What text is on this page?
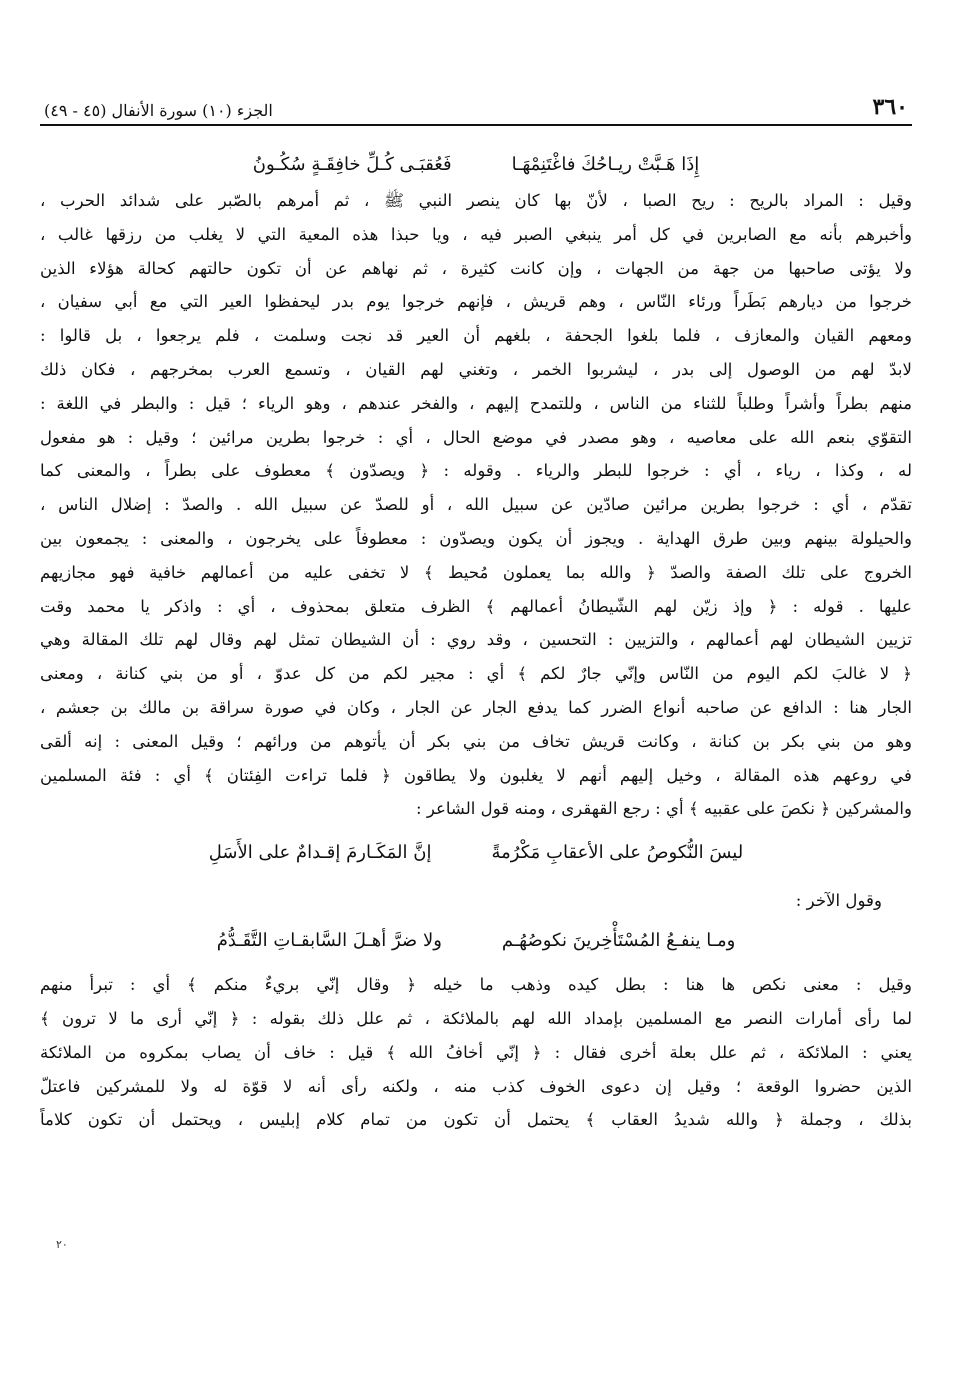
٣٦٠
الجزء (١٠) سورة الأنفال (٤٥ - ٤٩)
إِذَا هَـبَّتْ ريـاحُكَ فاغْتَنِمْهَـا
فَعُقبَـى كُـلِّ خافِقَـةٍ سُكُـونُ
وقيل : المراد بالريح : ريح الصبا ، لأنّ بها كان ينصر النبي ﷺ ، ثم أمرهم بالصّبر على شدائد الحرب ،
وأخبرهم بأنه مع الصابرين في كل أمر ينبغي الصبر فيه ، ويا حبذا هذه المعية التي لا يغلب من رزقها غالب ،
ولا يؤتى صاحبها من جهة من الجهات ، وإن كانت كثيرة ، ثم نهاهم عن أن تكون حالتهم كحالة هؤلاء الذين
خرجوا من ديارهم بَطَراً ورئاء النّاس ، وهم قريش ، فإنهم خرجوا يوم بدر ليحفظوا العير التي مع أبي سفيان ،
ومعهم القيان والمعازف ، فلما بلغوا الجحفة ، بلغهم أن العير قد نجت وسلمت ، فلم يرجعوا ، بل قالوا :
لابدّ لهم من الوصول إلى بدر ، ليشربوا الخمر ، وتغني لهم القيان ، وتسمع العرب بمخرجهم ، فكان ذلك
منهم بطراً وأشراً وطلباً للثناء من الناس ، وللتمدح إليهم ، والفخر عندهم ، وهو الرياء ؛ قيل : والبطر في اللغة :
التقوّي بنعم الله على معاصيه ، وهو مصدر في موضع الحال ، أي : خرجوا بطرين مرائين ؛ وقيل : هو مفعول
له ، وكذا ، رياء ، أي : خرجوا للبطر والرياء . وقوله : ﴿ ويصدّون ﴾ معطوف على بطراً ، والمعنى كما
تقدّم ، أي : خرجوا بطرين مرائين صادّين عن سبيل الله ، أو للصدّ عن سبيل الله . والصدّ : إضلال الناس ،
والحيلولة بينهم وبين طرق الهداية . ويجوز أن يكون ويصدّون : معطوفاً على يخرجون ، والمعنى : يجمعون بين
الخروج على تلك الصفة والصدّ ﴿ والله بما يعملون مُحيط ﴾ لا تخفى عليه من أعمالهم خافية فهو مجازيهم
عليها . قوله : ﴿ وإذ زيّن لهم الشّيطانُ أعمالهم ﴾ الظرف متعلق بمحذوف ، أي : واذكر يا محمد وقت
تزيين الشيطان لهم أعمالهم ، والتزيين : التحسين ، وقد روي : أن الشيطان تمثل لهم وقال لهم تلك المقالة وهي
﴿ لا غالبَ لكم اليوم من النّاس وإنّي جارٌ لكم ﴾ أي : مجير لكم من كل عدوّ ، أو من بني كنانة ، ومعنى
الجار هنا : الدافع عن صاحبه أنواع الضرر كما يدفع الجار عن الجار ، وكان في صورة سراقة بن مالك بن جعشم ،
وهو من بني بكر بن كنانة ، وكانت قريش تخاف من بني بكر أن يأتوهم من ورائهم ؛ وقيل المعنى : إنه ألقى
في روعهم هذه المقالة ، وخيل إليهم أنهم لا يغلبون ولا يطاقون ﴿ فلما تراءت الفِئتان ﴾ أي : فئة المسلمين
والمشركين ﴿ نكصَ على عقبيه ﴾ أي : رجع القهقرى ، ومنه قول الشاعر :
ليسَ النُّكوصُ على الأعقابِ مَكْرُمةً
إنَّ المَكَـارمَ إقـدامٌ على الأَسَلِ
وقول الآخر :
ومـا ينفـعُ المُسْتَأْخِرينَ نكوصُهُـم
ولا ضرَّ أهـلَ السَّابقـاتِ التَّقَـدُّمُ
وقيل : معنى نكص ها هنا : بطل كيده وذهب ما خيله ﴿ وقال إنّي بريءٌ منكم ﴾ أي : تبرأ منهم
لما رأى أمارات النصر مع المسلمين بإمداد الله لهم بالملائكة ، ثم علل ذلك بقوله : ﴿ إنّي أرى ما لا ترون ﴾
يعني : الملائكة ، ثم علل بعلة أخرى فقال : ﴿ إنّي أخافُ الله ﴾ قيل : خاف أن يصاب بمكروه من الملائكة
الذين حضروا الوقعة ؛ وقيل إن دعوى الخوف كذب منه ، ولكنه رأى أنه لا قوّة له ولا للمشركين فاعتلّ
بذلك ، وجملة ﴿ والله شديدُ العقاب ﴾ يحتمل أن تكون من تمام كلام إبليس ، ويحتمل أن تكون كلاماً
٢٠
